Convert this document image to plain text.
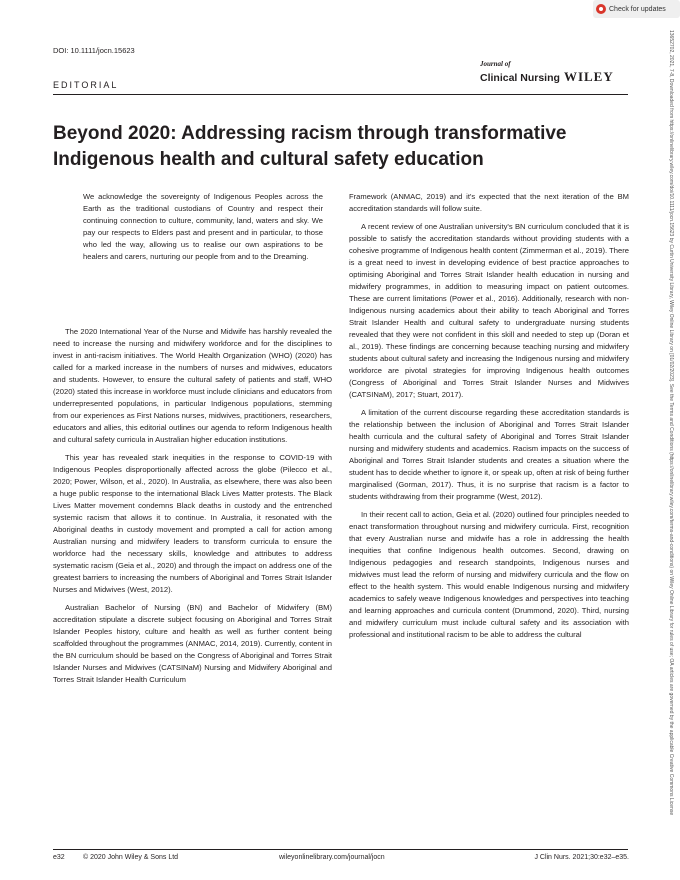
Check for updates
13652702, 2021, 7-8, Downloaded from https://onlinelibrary.wiley.com/doi/10.1111/jocn.15623 by Curtin University Library, Wiley Online Library on [01/02/2023]. See the Terms and Conditions (https://onlinelibrary.wiley.com/terms-and-conditions) on Wiley Online Library for rules of use; OA articles are governed by the applicable Creative Commons License
DOI: 10.1111/jocn.15623
Journal of
Clinical Nursing WILEY
EDITORIAL
Beyond 2020: Addressing racism through transformative Indigenous health and cultural safety education

We acknowledge the sovereignty of Indigenous Peoples across the Earth as the traditional custodians of Country and respect their continuing connection to culture, community, land, waters and sky. We pay our respects to Elders past and present and in particular, to those who led the way, allowing us to realise our own aspirations to be healers and carers, nurturing our people from and to the Dreaming.

The 2020 International Year of the Nurse and Midwife has harshly revealed the need to increase the nursing and midwifery workforce and for the disciplines to invest in anti-racism initiatives. The World Health Organization (WHO) (2020) has called for a marked increase in the numbers of nurses and midwives, educators and students. However, to ensure the cultural safety of patients and staff, WHO (2020) stated this increase in workforce must include clinicians and educators from underrepresented populations, in particular Indigenous populations, stemming from our experiences as First Nations nurses, midwives, practitioners, researchers, educators and allies, this editorial outlines our agenda to reform Indigenous health and cultural safety curricula in Australian higher education institutions.

This year has revealed stark inequities in the response to COVID-19 with Indigenous Peoples disproportionally affected across the globe (Pilecco et al., 2020; Power, Wilson, et al., 2020). In Australia, as elsewhere, there was also been a huge public response to the international Black Lives Matter protests. The Black Lives Matter movement condemns Black deaths in custody and the entrenched systemic racism that allows it to continue. In Australia, it resonated with the Aboriginal deaths in custody movement and prompted a call for action among Australian nursing and midwifery leaders to transform curricula to ensure the workforce had the necessary skills, knowledge and attributes to address systematic racism (Geia et al., 2020) and through the impact on address one of the greatest barriers to increasing the numbers of Aboriginal and Torres Strait Islander Nurses and Midwives (West, 2012).

Australian Bachelor of Nursing (BN) and Bachelor of Midwifery (BM) accreditation stipulate a discrete subject focusing on Aboriginal and Torres Strait Islander Peoples history, culture and health as well as further content being scaffolded throughout the programmes (ANMAC, 2014, 2019). Currently, content in the BN curriculum should be based on the Congress of Aboriginal and Torres Strait Islander Nurses and Midwives (CATSINaM) Nursing and Midwifery Aboriginal and Torres Strait Islander Health Curriculum

Framework (ANMAC, 2019) and it's expected that the next iteration of the BM accreditation standards will follow suite.

A recent review of one Australian university's BN curriculum concluded that it is possible to satisfy the accreditation standards without providing students with a cohesive programme of Indigenous health content (Zimmerman et al., 2019). There is a great need to invest in developing evidence of best practice approaches to optimising Aboriginal and Torres Strait Islander health education in nursing and midwifery programmes, in addition to measuring impact on patient outcomes. These are current limitations (Power et al., 2016). Additionally, research with non-Indigenous nursing academics about their ability to teach Aboriginal and Torres Strait Islander Health and cultural safety to undergraduate nursing students revealed that they were not confident in this skill and needed to step up (Doran et al., 2019). These findings are concerning because teaching nursing and midwifery students about cultural safety and increasing the Indigenous nursing and midwifery workforce are pivotal strategies for improving Indigenous health outcomes (Congress of Aboriginal and Torres Strait Islander Nurses and Midwives (CATSINaM), 2017; Stuart, 2017).

A limitation of the current discourse regarding these accreditation standards is the relationship between the inclusion of Aboriginal and Torres Strait Islander health curricula and the cultural safety of Aboriginal and Torres Strait Islander nursing and midwifery students and academics. Racism impacts on the success of Aboriginal and Torres Strait Islander students and creates a situation where the student has to decide whether to ignore it, or speak up, often at risk of being further marginalised (Gorman, 2017). Thus, it is no surprise that racism is a factor to students withdrawing from their programme (West, 2012).

In their recent call to action, Geia et al. (2020) outlined four principles needed to enact transformation throughout nursing and midwifery curricula. First, recognition that every Australian nurse and midwife has a role in addressing the health inequities that confine Indigenous health outcomes. Second, drawing on Indigenous pedagogies and research standpoints, Indigenous nurses and midwives must lead the reform of nursing and midwifery curricula and the flow on effect to the health system. This would enable Indigenous nursing and midwifery academics to safely weave Indigenous knowledges and perspectives into teaching and learning approaches and curricula content (Drummond, 2020). Third, nursing and midwifery curriculum must include cultural safety and its association with professional and institutional racism to be able to address the cultural

e32	© 2020 John Wiley & Sons Ltd	wileyonlinelibrary.com/journal/jocn	J Clin Nurs. 2021;30:e32–e35.
